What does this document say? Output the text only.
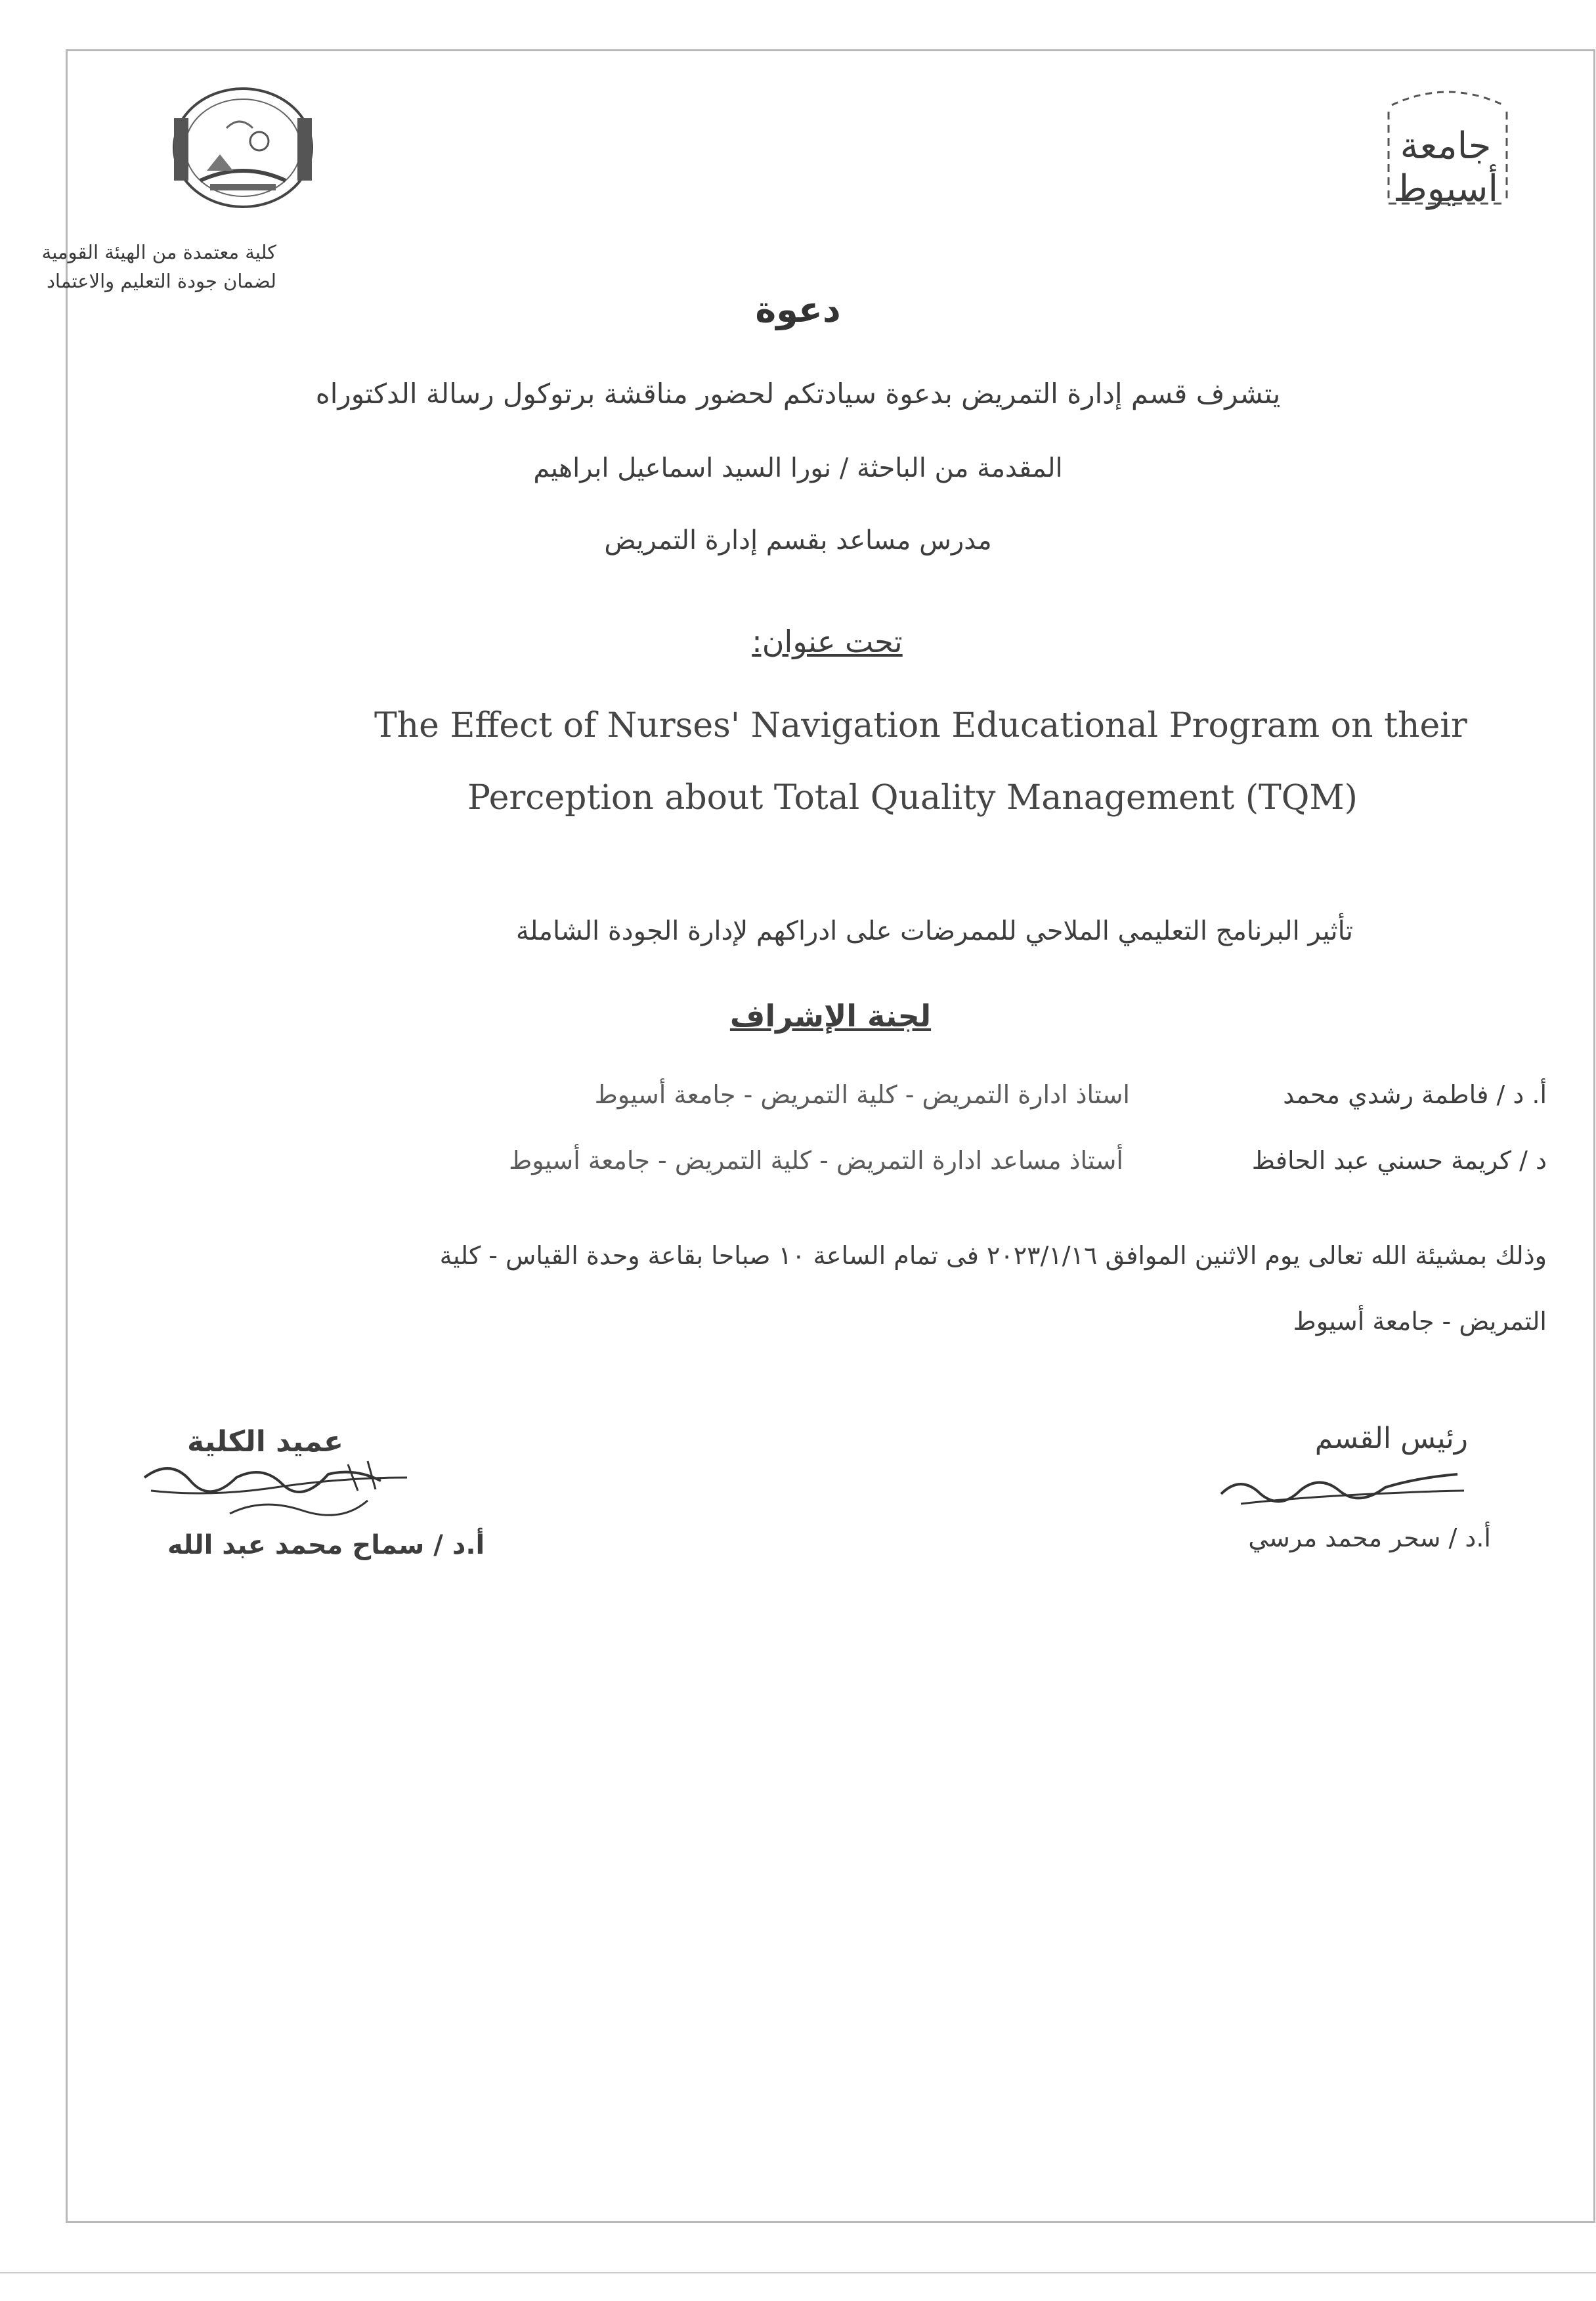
كلية معتمدة من الهيئة القومية
لضمان جودة التعليم والاعتماد
جامعة أسيوط
دعوة
يتشرف قسم إدارة التمريض بدعوة سيادتكم لحضور مناقشة برتوكول رسالة الدكتوراه
المقدمة من الباحثة / نورا السيد اسماعيل ابراهيم
مدرس مساعد بقسم إدارة التمريض
تحت عنوان:
The Effect of Nurses' Navigation Educational Program on their
Perception about Total Quality Management (TQM)
تأثير البرنامج التعليمي الملاحي للممرضات على ادراكهم لإدارة الجودة الشاملة
لجنة الإشراف
أ. د / فاطمة رشدي محمد
استاذ ادارة التمريض - كلية التمريض - جامعة أسيوط
د / كريمة حسني عبد الحافظ
أستاذ مساعد ادارة التمريض - كلية التمريض - جامعة أسيوط
وذلك بمشيئة الله تعالى يوم الاثنين الموافق ٢٠٢٣/١/١٦ فى تمام الساعة ١٠ صباحا بقاعة وحدة القياس - كلية
التمريض - جامعة أسيوط
عميد الكلية
أ.د / سماح محمد عبد الله
رئيس القسم
أ.د / سحر محمد مرسي
